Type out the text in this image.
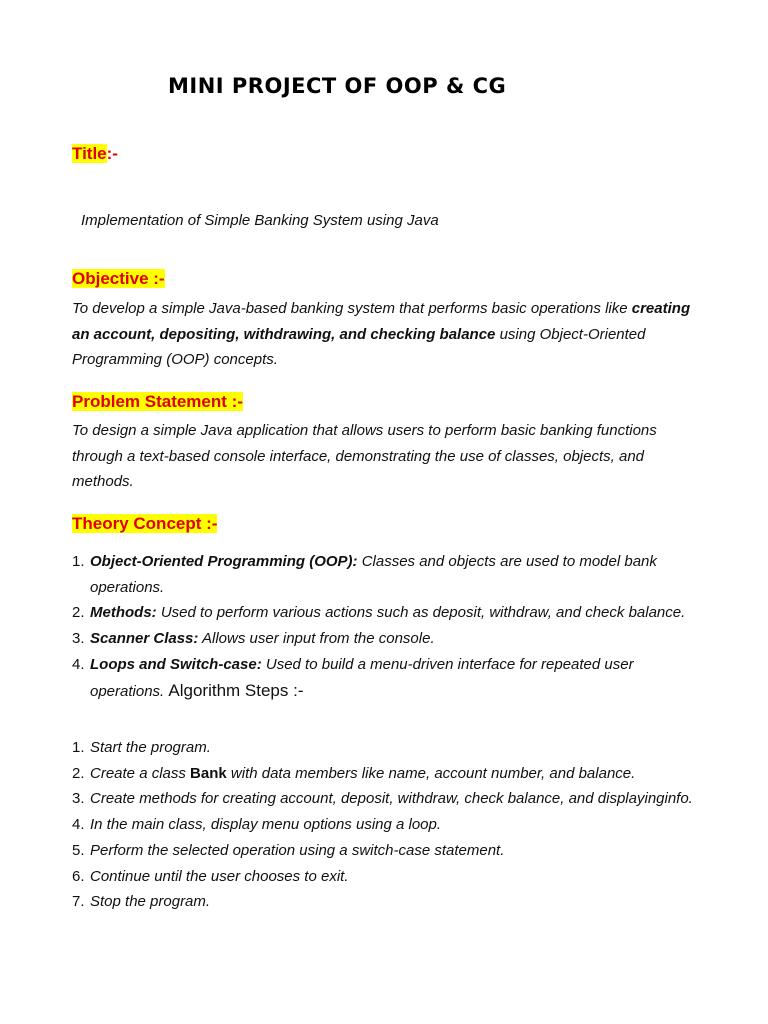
MINI PROJECT OF OOP & CG
Title:-

Implementation of Simple Banking System using Java

Objective :-

To develop a simple Java-based banking system that performs basic operations like creating an account, depositing, withdrawing, and checking balance using Object-Oriented Programming (OOP) concepts.

Problem Statement :-

To design a simple Java application that allows users to perform basic banking functions through a text-based console interface, demonstrating the use of classes, objects, and methods.

Theory Concept :-
1. Object-Oriented Programming (OOP): Classes and objects are used to model bank operations.
2. Methods: Used to perform various actions such as deposit, withdraw, and check balance.
3. Scanner Class: Allows user input from the console.
4. Loops and Switch-case: Used to build a menu-driven interface for repeated user operations. Algorithm Steps :-
1. Start the program.
2. Create a class Bank with data members like name, account number, and balance.
3. Create methods for creating account, deposit, withdraw, check balance, and displayinginfo.
4. In the main class, display menu options using a loop.
5. Perform the selected operation using a switch-case statement.
6. Continue until the user chooses to exit.
7. Stop the program.
